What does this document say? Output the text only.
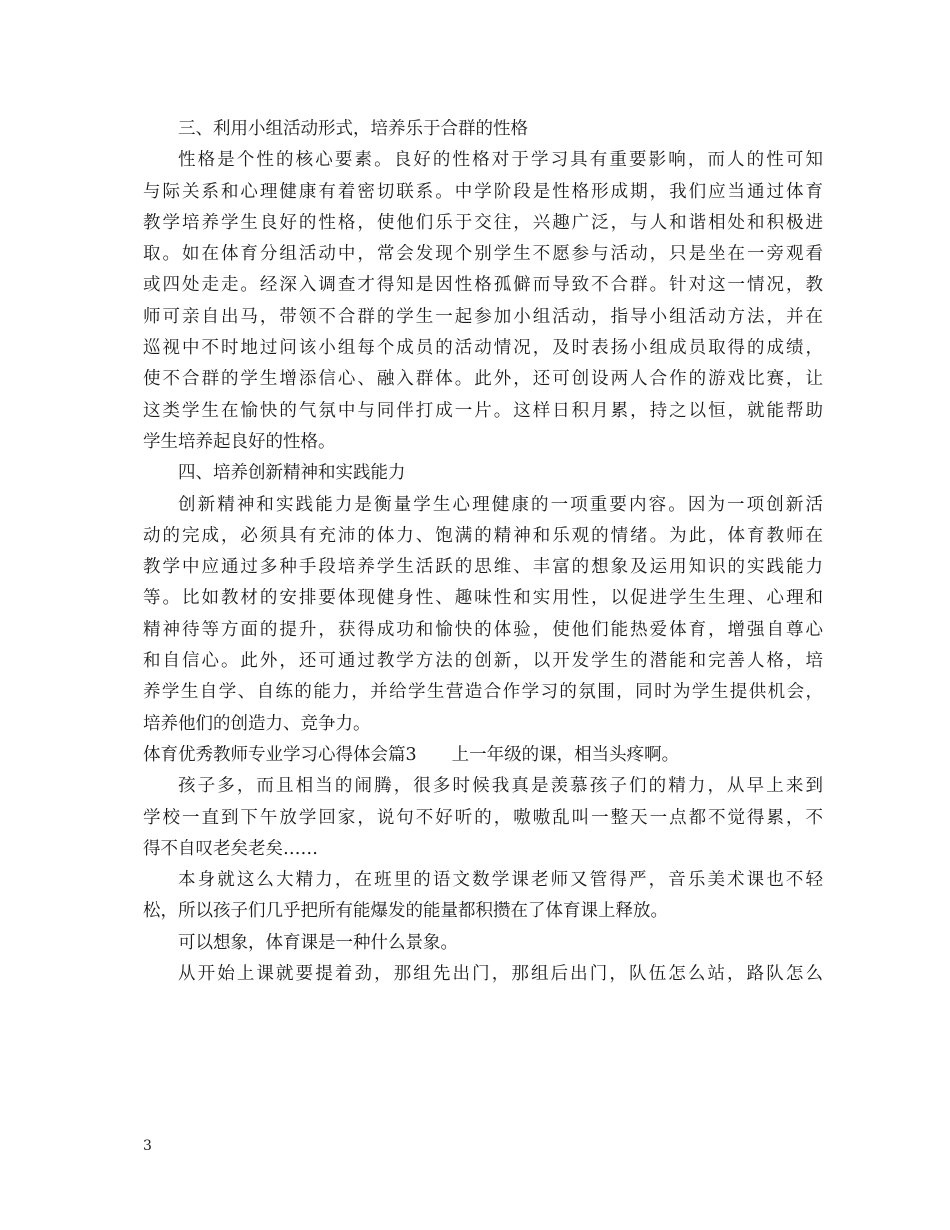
三、利用小组活动形式，培养乐于合群的性格
性格是个性的核心要素。良好的性格对于学习具有重要影响，而人的性可知
与际关系和心理健康有着密切联系。中学阶段是性格形成期，我们应当通过体育
教学培养学生良好的性格，使他们乐于交往，兴趣广泛，与人和谐相处和积极进
取。如在体育分组活动中，常会发现个别学生不愿参与活动，只是坐在一旁观看
或四处走走。经深入调查才得知是因性格孤僻而导致不合群。针对这一情况，教
师可亲自出马，带领不合群的学生一起参加小组活动，指导小组活动方法，并在
巡视中不时地过问该小组每个成员的活动情况，及时表扬小组成员取得的成绩，
使不合群的学生增添信心、融入群体。此外，还可创设两人合作的游戏比赛，让
这类学生在愉快的气氛中与同伴打成一片。这样日积月累，持之以恒，就能帮助
学生培养起良好的性格。
四、培养创新精神和实践能力
创新精神和实践能力是衡量学生心理健康的一项重要内容。因为一项创新活
动的完成，必须具有充沛的体力、饱满的精神和乐观的情绪。为此，体育教师在
教学中应通过多种手段培养学生活跃的思维、丰富的想象及运用知识的实践能力
等。比如教材的安排要体现健身性、趣味性和实用性，以促进学生生理、心理和
精神待等方面的提升，获得成功和愉快的体验，使他们能热爱体育，增强自尊心
和自信心。此外，还可通过教学方法的创新，以开发学生的潜能和完善人格，培
养学生自学、自练的能力，并给学生营造合作学习的氛围，同时为学生提供机会，
培养他们的创造力、竞争力。
体育优秀教师专业学习心得体会篇3　　上一年级的课，相当头疼啊。
孩子多，而且相当的闹腾，很多时候我真是羡慕孩子们的精力，从早上来到
学校一直到下午放学回家，说句不好听的，嗷嗷乱叫一整天一点都不觉得累，不
得不自叹老矣老矣……
本身就这么大精力，在班里的语文数学课老师又管得严，音乐美术课也不轻
松，所以孩子们几乎把所有能爆发的能量都积攒在了体育课上释放。
可以想象，体育课是一种什么景象。
从开始上课就要提着劲，那组先出门，那组后出门，队伍怎么站，路队怎么
3
